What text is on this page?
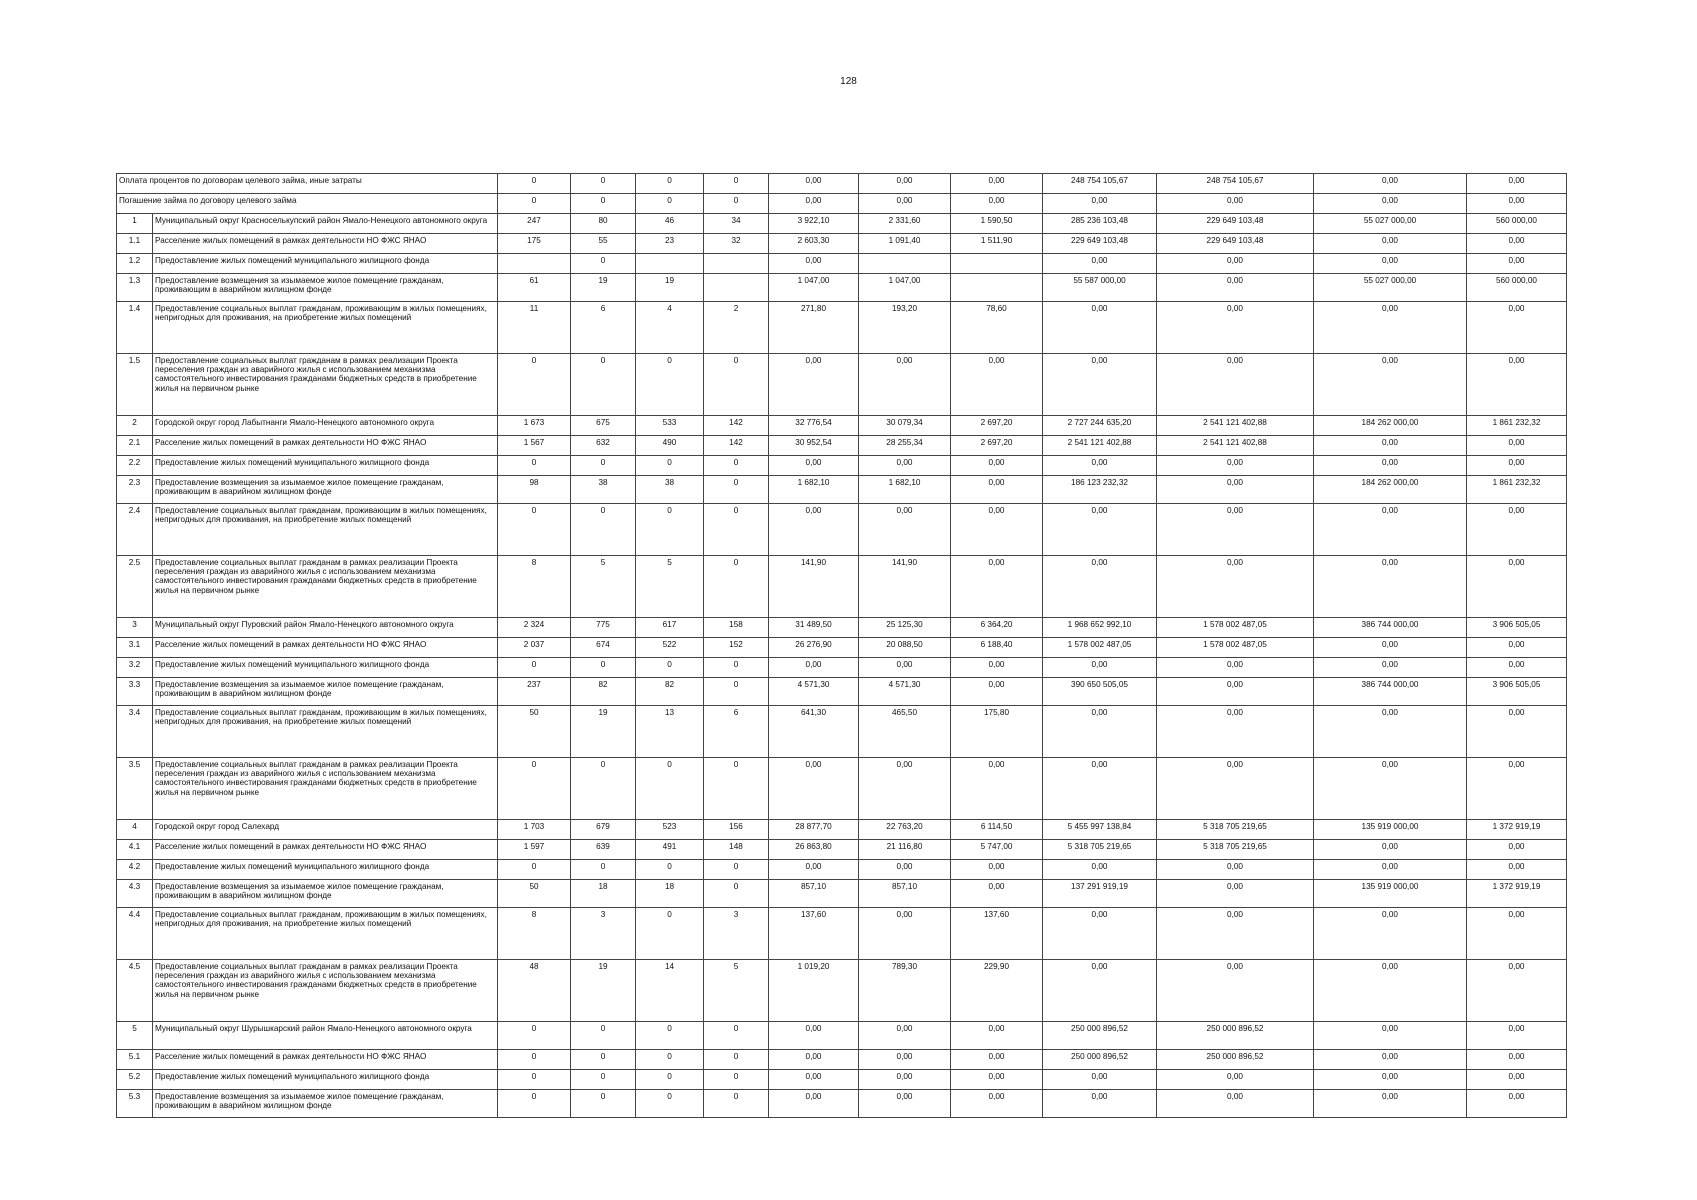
128
Оплата процентов по договорам целевого займа, иные затраты		0	0	0	0	0,00	0,00	0,00	248 754 105,67	248 754 105,67	0,00	0,00
Погашение займа по договору целевого займа		0	0	0	0	0,00	0,00	0,00	0,00	0,00	0,00	0,00
1	Муниципальный округ Красноселькупский район Ямало-Ненецкого автономного округа	247	80	46	34	3 922,10	2 331,60	1 590,50	285 236 103,48	229 649 103,48	55 027 000,00	560 000,00
1.1	Расселение жилых помещений в рамках деятельности НО ФЖС ЯНАО	175	55	23	32	2 603,30	1 091,40	1 511,90	229 649 103,48	229 649 103,48	0,00	0,00
1.2	Предоставление жилых помещений муниципального жилищного фонда		0			0,00			0,00	0,00	0,00	0,00
1.3	Предоставление возмещения за изымаемое жилое помещение гражданам, проживающим в аварийном жилищном фонде	61	19	19		1 047,00	1 047,00		55 587 000,00	0,00	55 027 000,00	560 000,00
1.4	Предоставление социальных выплат гражданам, проживающим в жилых помещениях, непригодных для проживания, на приобретение жилых помещений	11	6	4	2	271,80	193,20	78,60	0,00	0,00	0,00	0,00
1.5	Предоставление социальных выплат гражданам в рамках реализации Проекта переселения граждан из аварийного жилья с использованием механизма самостоятельного инвестирования гражданами бюджетных средств в приобретение жилья на первичном рынке	0	0	0	0	0,00	0,00	0,00	0,00	0,00	0,00	0,00
2	Городской округ город Лабытнанги Ямало-Ненецкого автономного округа	1 673	675	533	142	32 776,54	30 079,34	2 697,20	2 727 244 635,20	2 541 121 402,88	184 262 000,00	1 861 232,32
2.1	Расселение жилых помещений в рамках деятельности НО ФЖС ЯНАО	1 567	632	490	142	30 952,54	28 255,34	2 697,20	2 541 121 402,88	2 541 121 402,88	0,00	0,00
2.2	Предоставление жилых помещений муниципального жилищного фонда	0	0	0	0	0,00	0,00	0,00	0,00	0,00	0,00	0,00
2.3	Предоставление возмещения за изымаемое жилое помещение гражданам, проживающим в аварийном жилищном фонде	98	38	38	0	1 682,10	1 682,10	0,00	186 123 232,32	0,00	184 262 000,00	1 861 232,32
2.4	Предоставление социальных выплат гражданам, проживающим в жилых помещениях, непригодных для проживания, на приобретение жилых помещений	0	0	0	0	0,00	0,00	0,00	0,00	0,00	0,00	0,00
2.5	Предоставление социальных выплат гражданам в рамках реализации Проекта переселения граждан из аварийного жилья с использованием механизма самостоятельного инвестирования гражданами бюджетных средств в приобретение жилья на первичном рынке	8	5	5	0	141,90	141,90	0,00	0,00	0,00	0,00	0,00
3	Муниципальный округ Пуровский район Ямало-Ненецкого автономного округа	2 324	775	617	158	31 489,50	25 125,30	6 364,20	1 968 652 992,10	1 578 002 487,05	386 744 000,00	3 906 505,05
3.1	Расселение жилых помещений в рамках деятельности НО ФЖС ЯНАО	2 037	674	522	152	26 276,90	20 088,50	6 188,40	1 578 002 487,05	1 578 002 487,05	0,00	0,00
3.2	Предоставление жилых помещений муниципального жилищного фонда	0	0	0	0	0,00	0,00	0,00	0,00	0,00	0,00	0,00
3.3	Предоставление возмещения за изымаемое жилое помещение гражданам, проживающим в аварийном жилищном фонде	237	82	82	0	4 571,30	4 571,30	0,00	390 650 505,05	0,00	386 744 000,00	3 906 505,05
3.4	Предоставление социальных выплат гражданам, проживающим в жилых помещениях, непригодных для проживания, на приобретение жилых помещений	50	19	13	6	641,30	465,50	175,80	0,00	0,00	0,00	0,00
3.5	Предоставление социальных выплат гражданам в рамках реализации Проекта переселения граждан из аварийного жилья с использованием механизма самостоятельного инвестирования гражданами бюджетных средств в приобретение жилья на первичном рынке	0	0	0	0	0,00	0,00	0,00	0,00	0,00	0,00	0,00
4	Городской округ город Салехард	1 703	679	523	156	28 877,70	22 763,20	6 114,50	5 455 997 138,84	5 318 705 219,65	135 919 000,00	1 372 919,19
4.1	Расселение жилых помещений в рамках деятельности НО ФЖС ЯНАО	1 597	639	491	148	26 863,80	21 116,80	5 747,00	5 318 705 219,65	5 318 705 219,65	0,00	0,00
4.2	Предоставление жилых помещений муниципального жилищного фонда	0	0	0	0	0,00	0,00	0,00	0,00	0,00	0,00	0,00
4.3	Предоставление возмещения за изымаемое жилое помещение гражданам, проживающим в аварийном жилищном фонде	50	18	18	0	857,10	857,10	0,00	137 291 919,19	0,00	135 919 000,00	1 372 919,19
4.4	Предоставление социальных выплат гражданам, проживающим в жилых помещениях, непригодных для проживания, на приобретение жилых помещений	8	3	0	3	137,60	0,00	137,60	0,00	0,00	0,00	0,00
4.5	Предоставление социальных выплат гражданам в рамках реализации Проекта переселения граждан из аварийного жилья с использованием механизма самостоятельного инвестирования гражданами бюджетных средств в приобретение жилья на первичном рынке	48	19	14	5	1 019,20	789,30	229,90	0,00	0,00	0,00	0,00
5	Муниципальный округ Шурышкарский район Ямало-Ненецкого автономного округа	0	0	0	0	0,00	0,00	0,00	250 000 896,52	250 000 896,52	0,00	0,00
5.1	Расселение жилых помещений в рамках деятельности НО ФЖС ЯНАО	0	0	0	0	0,00	0,00	0,00	250 000 896,52	250 000 896,52	0,00	0,00
5.2	Предоставление жилых помещений муниципального жилищного фонда	0	0	0	0	0,00	0,00	0,00	0,00	0,00	0,00	0,00
5.3	Предоставление возмещения за изымаемое жилое помещение гражданам, проживающим в аварийном жилищном фонде	0	0	0	0	0,00	0,00	0,00	0,00	0,00	0,00	0,00
